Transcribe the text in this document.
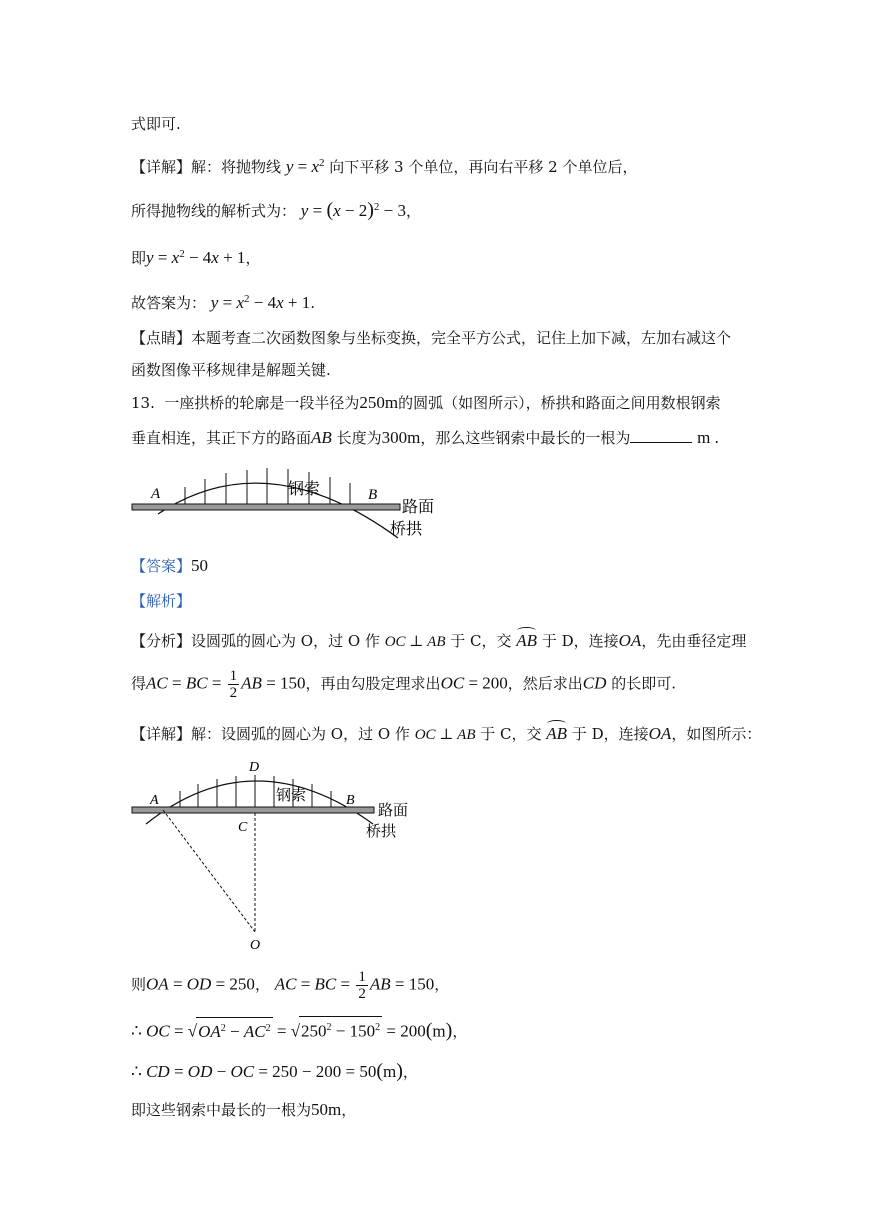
式即可.
【详解】解：将抛物线 $y = x^2$ 向下平移 3 个单位，再向右平移 2 个单位后，
所得抛物线的解析式为： $y = (x - 2)^2 - 3$，
即$y = x^2 - 4x + 1$，
故答案为： $y = x^2 - 4x + 1$.
【点睛】本题考查二次函数图象与坐标变换，完全平方公式，记住上加下减，左加右减这个
函数图像平移规律是解题关键.
13. 一座拱桥的轮廓是一段半径为250m的圆弧（如图所示），桥拱和路面之间用数根钢索
垂直相连，其正下方的路面AB 长度为300m，那么这些钢索中最长的一根为	m .
A	B
钢索
路面
桥拱
【答案】50
【解析】
【分析】设圆弧的圆心为 O，过 O 作 OC ⊥ AB 于 C，交 AB 于 D，连接OA，先由垂径定理
得AC = BC = $\frac{1}{2}$ AB = 150，再由勾股定理求出OC = 200，然后求出CD 的长即可.
【详解】解：设圆弧的圆心为 O，过 O 作 OC ⊥ AB 于 C，交 AB 于 D，连接OA，如图所示：
A	B
D
C
O
钢索
路面
桥拱
则OA = OD = 250， AC = BC = $\frac{1}{2}$ AB = 150，
∴ OC = $√OA^2 - AC^2 = √250^2 - 150^2 = 200(m)$，
∴ CD = OD − OC = 250 − 200 = 50(m)，
即这些钢索中最长的一根为50m，
